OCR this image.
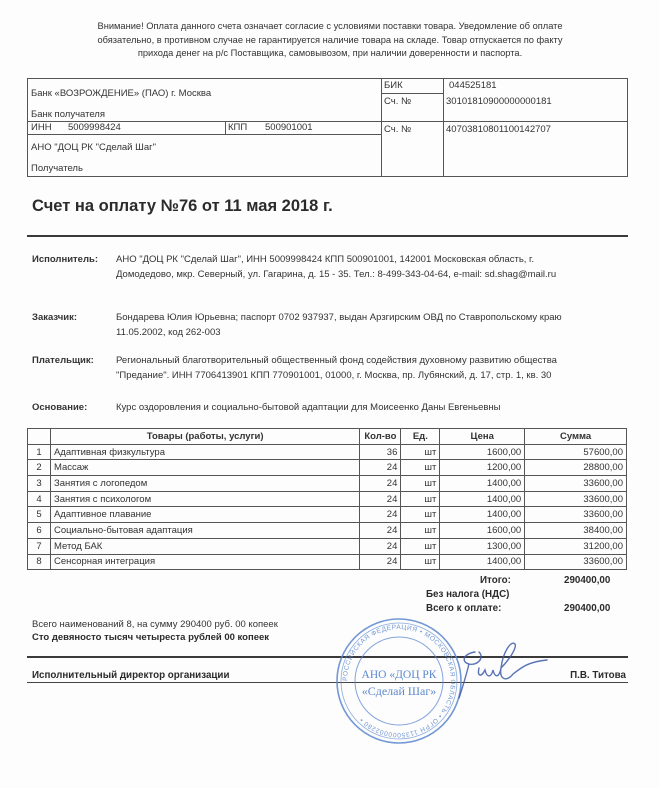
Внимание! Оплата данного счета означает согласие с условиями поставки товара. Уведомление об оплате
обязательно, в противном случае не гарантируется наличие товара на складе. Товар отпускается по факту
прихода денег на р/с Поставщика, самовывозом, при наличии доверенности и паспорта.
Банк «ВОЗРОЖДЕНИЕ» (ПАО) г. Москва
Банк получателя
БИК	044525181
Сч. №	30101810900000000181
ИНН 5009998424	КПП 500901001	Сч. №	40703810801100142707
АНО "ДОЦ РК "Сделай Шаг"
Получатель
Счет на оплату №76 от 11 мая 2018 г.
Исполнитель: АНО "ДОЦ РК "Сделай Шаг", ИНН 5009998424 КПП 500901001, 142001 Московская область, г.
Домодедово, мкр. Северный, ул. Гагарина, д. 15 - 35. Тел.: 8-499-343-04-64, e-mail: sd.shag@mail.ru
Заказчик:	Бондарева Юлия Юрьевна; паспорт 0702 937937, выдан Арзгирским ОВД по Ставропольскому краю
11.05.2002, код 262-003
Плательщик: Региональный благотворительный общественный фонд содействия духовному развитию общества
"Предание". ИНН 7706413901 КПП 770901001, 01000, г. Москва, пр. Лубянский, д. 17, стр. 1, кв. 30
Основание:	Курс оздоровления и социально-бытовой адаптации для Моисеенко Даны Евгеньевны
	Товары (работы, услуги)	Кол-во	Ед.	Цена	Сумма
1	Адаптивная физкультура	36	шт	1600,00	57600,00
2	Массаж	24	шт	1200,00	28800,00
3	Занятия с логопедом	24	шт	1400,00	33600,00
4	Занятия с психологом	24	шт	1400,00	33600,00
5	Адаптивное плавание	24	шт	1400,00	33600,00
6	Социально-бытовая адаптация	24	шт	1600,00	38400,00
7	Метод БАК	24	шт	1300,00	31200,00
8	Сенсорная интеграция	24	шт	1400,00	33600,00
Итого:	290400,00
Без налога (НДС)
Всего к оплате:	290400,00
Всего наименований 8, на сумму 290400 руб. 00 копеек
Сто девяносто тысяч четыреста рублей 00 копеек
Исполнительный директор организации	П.В. Титова
РОССИЙСКАЯ ФЕДЕРАЦИЯ • МОСКОВСКАЯ ОБЛАСТЬ • ОГРН 1135000002280 •
АНО «ДОЦ РК
«Сделай Шаг»
